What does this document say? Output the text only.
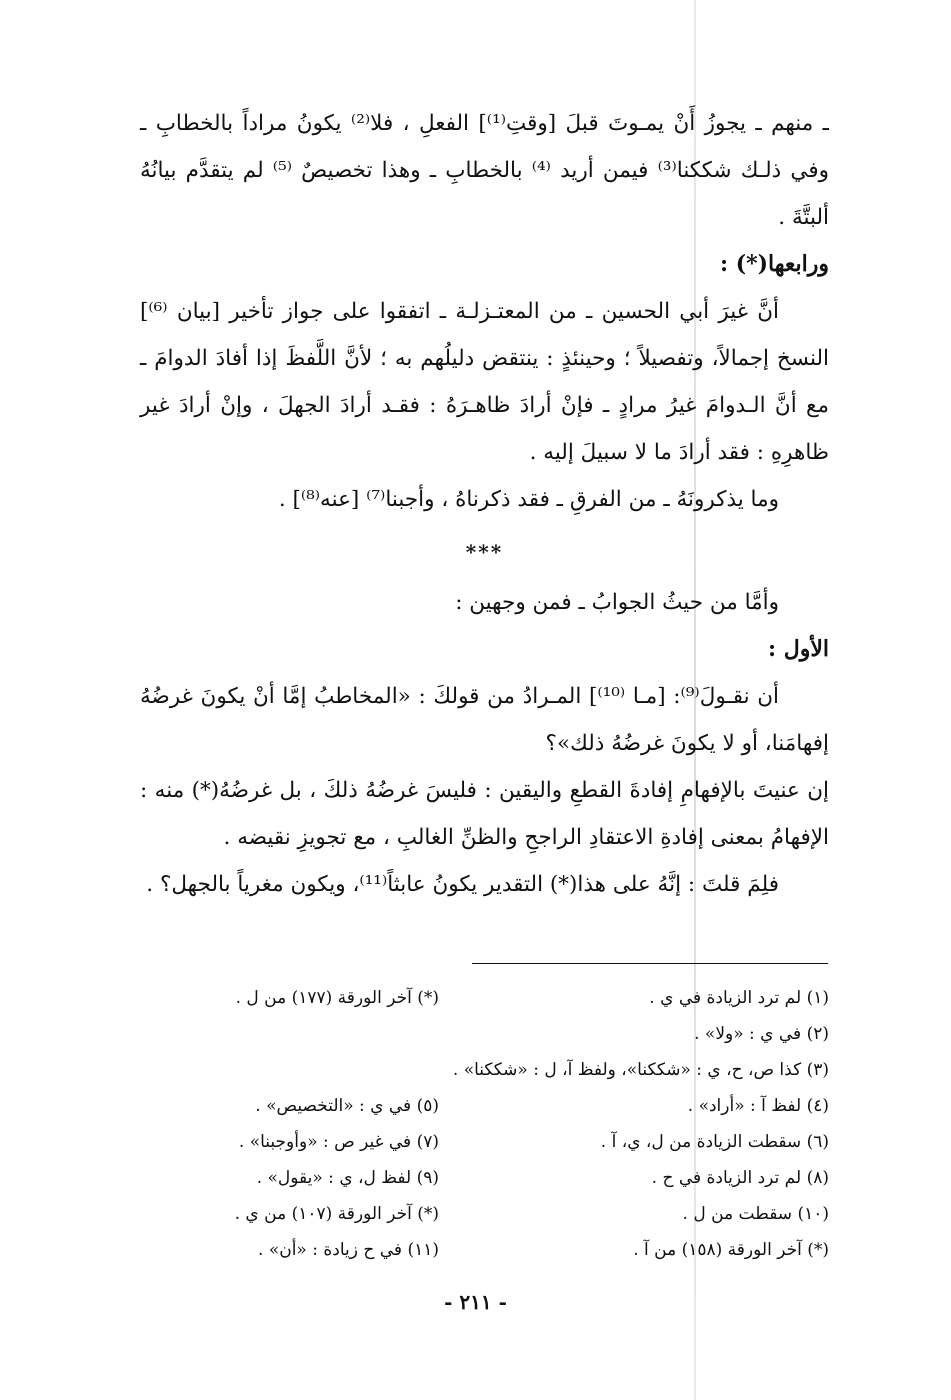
ـ منهم ـ يجوزُ أَنْ يمـوتَ قبلَ [وقتِ⁽¹⁾] الفعلِ ، فلا⁽²⁾ يكونُ مراداً بالخطابِ ـ وفي ذلـك شككنا⁽³⁾ فيمن أريد ⁽⁴⁾ بالخطابِ ـ وهذا تخصيصٌ ⁽⁵⁾ لم يتقدَّم بيانُهُ ألبتَّةَ .

ورابعها(*) :

أنَّ غيرَ أبي الحسين ـ من المعتـزلـة ـ اتفقوا على جواز تأخير [بيان ⁽⁶⁾] النسخ إجمالاً، وتفصيلاً ؛ وحينئذٍ : ينتقض دليلُهم به ؛ لأنَّ اللَّفظَ إذا أفادَ الدوامَ ـ مع أنَّ الـدوامَ غيرُ مرادٍ ـ فإنْ أرادَ ظاهـرَهُ : فقـد أرادَ الجهلَ ، وإنْ أرادَ غير ظاهرِهِ : فقد أرادَ ما لا سبيلَ إليه .

وما يذكرونَهُ ـ من الفرقِ ـ فقد ذكرناهُ ، وأجبنا⁽⁷⁾ [عنه⁽⁸⁾] .

***

وأمَّا من حيثُ الجوابُ ـ فمن وجهين :

الأول :

أن نقـولَ⁽⁹⁾: [مـا ⁽¹⁰⁾] المـرادُ من قولكَ : «المخاطبُ إمَّا أنْ يكونَ غرضُهُ إفهامَنا، أو لا يكونَ غرضُهُ ذلك»؟

إن عنيتَ بالإفهامِ إفادةَ القطعِ واليقين : فليسَ غرضُهُ ذلكَ ، بل غرضُهُ(*) منه : الإفهامُ بمعنى إفادةِ الاعتقادِ الراجحِ والظنِّ الغالبِ ، مع تجويزِ نقيضه .

فلِمَ قلتَ : إنَّهُ على هذا(*) التقدير يكونُ عابثاً⁽¹¹⁾، ويكون مغرياً بالجهل؟ .

(١) لم ترد الزيادة في ي .
(*) آخر الورقة (١٧٧) من ل .
(٢) في ي : «ولا» .
(٣) كذا ص، ح، ي : «شككنا»، ولفظ آ، ل : «شككنا» .
(٤) لفظ آ : «أراد» .
(٥) في ي : «التخصيص» .
(٦) سقطت الزيادة من ل، ي، آ .
(٧) في غير ص : «وأوجبنا» .
(٨) لم ترد الزيادة في ح .
(٩) لفظ ل، ي : «يقول» .
(١٠) سقطت من ل .
(*) آخر الورقة (١٠٧) من ي .
(*) آخر الورقة (١٥٨) من آ .
(١١) في ح زيادة : «أن» .
- ٢١١ -
